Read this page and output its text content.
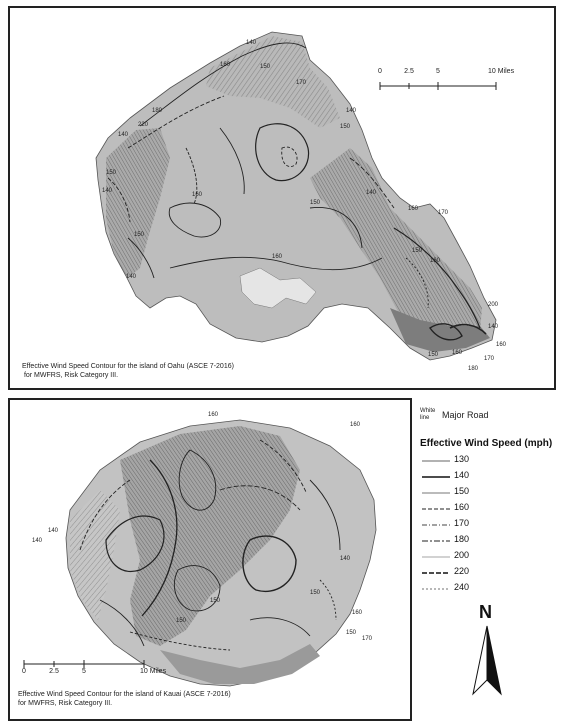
140
160	150
170
150
140
180
220
140
150
140
150
160	140
160
170
150
160
200
140
160
170
160
180
150
140
160
150
0	2.5	5	10 Miles
Effective Wind Speed Contour for the island of Oahu (ASCE 7-2016)
for MWFRS, Risk Category III.
160
160
140
140
140
150
150
150
160
150
170
0	2.5	5	10 Miles
Effective Wind Speed Contour for the island of Kauai (ASCE 7-2016)
for MWFRS, Risk Category III.
White line	Major Road
Effective Wind Speed (mph)
130
140
150
160
170
180
200
220
240
N
